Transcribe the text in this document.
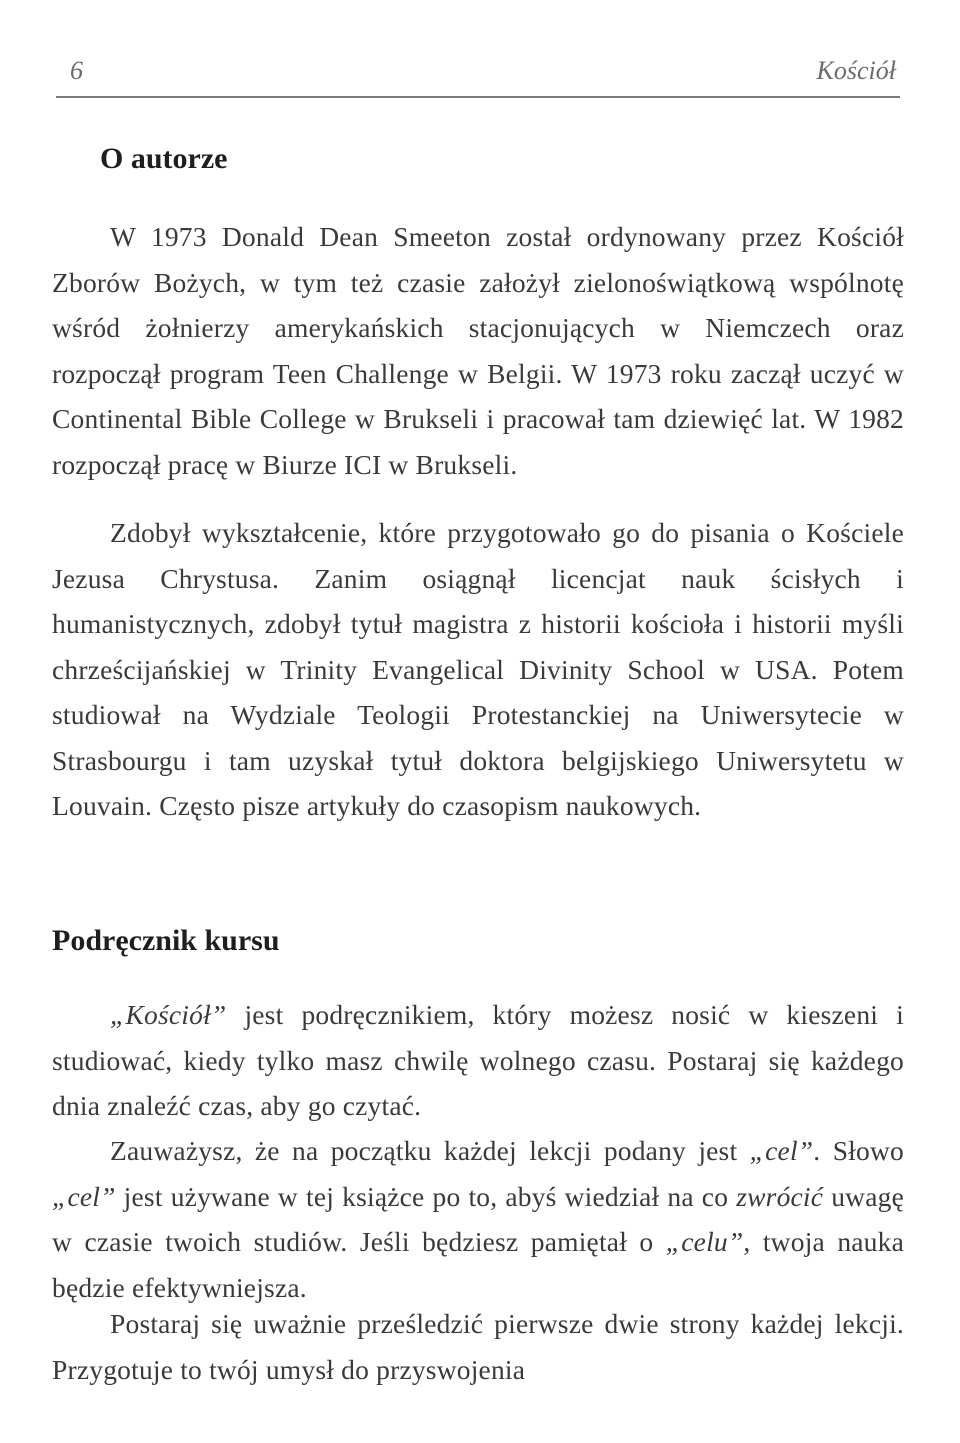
6	Kościół
O autorze

W 1973 Donald Dean Smeeton został ordynowany przez Kościół Zborów Bożych, w tym też czasie założył zielonoświątkową wspólnotę wśród żołnierzy amerykańskich stacjonujących w Niemczech oraz rozpoczął program Teen Challenge w Belgii. W 1973 roku zaczął uczyć w Continental Bible College w Brukseli i pracował tam dziewięć lat. W 1982 rozpoczął pracę w Biurze ICI w Brukseli.

Zdobył wykształcenie, które przygotowało go do pisania o Kościele Jezusa Chrystusa. Zanim osiągnął licencjat nauk ścisłych i humanistycznych, zdobył tytuł magistra z historii kościoła i historii myśli chrześcijańskiej w Trinity Evangelical Divinity School w USA. Potem studiował na Wydziale Teologii Protestanckiej na Uniwersytecie w Strasbourgu i tam uzyskał tytuł doktora belgijskiego Uniwersytetu w Louvain. Często pisze artykuły do czasopism naukowych.

Podręcznik kursu

„Kościół” jest podręcznikiem, który możesz nosić w kieszeni i studiować, kiedy tylko masz chwilę wolnego czasu. Postaraj się każdego dnia znaleźć czas, aby go czytać.

Zauważysz, że na początku każdej lekcji podany jest „cel”. Słowo „cel” jest używane w tej książce po to, abyś wiedział na co zwrócić uwagę w czasie twoich studiów. Jeśli będziesz pamiętał o „celu”, twoja nauka będzie efektywniejsza.

Postaraj się uważnie prześledzić pierwsze dwie strony każdej lekcji. Przygotuje to twój umysł do przyswojenia
